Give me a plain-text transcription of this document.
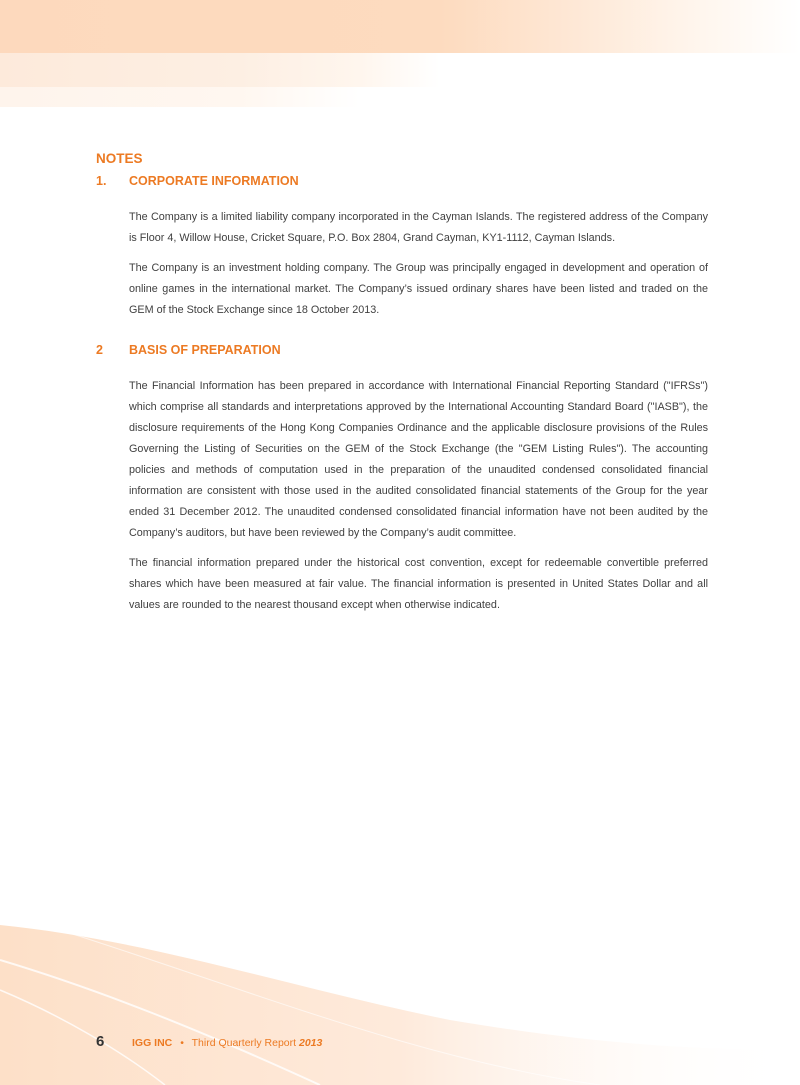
NOTES
1.	CORPORATE INFORMATION

The Company is a limited liability company incorporated in the Cayman Islands. The registered address of the Company is Floor 4, Willow House, Cricket Square, P.O. Box 2804, Grand Cayman, KY1-1112, Cayman Islands.

The Company is an investment holding company. The Group was principally engaged in development and operation of online games in the international market. The Company’s issued ordinary shares have been listed and traded on the GEM of the Stock Exchange since 18 October 2013.

2	BASIS OF PREPARATION

The Financial Information has been prepared in accordance with International Financial Reporting Standard ("IFRSs") which comprise all standards and interpretations approved by the International Accounting Standard Board ("IASB"), the disclosure requirements of the Hong Kong Companies Ordinance and the applicable disclosure provisions of the Rules Governing the Listing of Securities on the GEM of the Stock Exchange (the "GEM Listing Rules"). The accounting policies and methods of computation used in the preparation of the unaudited condensed consolidated financial information are consistent with those used in the audited consolidated financial statements of the Group for the year ended 31 December 2012. The unaudited condensed consolidated financial information have not been audited by the Company’s auditors, but have been reviewed by the Company’s audit committee.

The financial information prepared under the historical cost convention, except for redeemable convertible preferred shares which have been measured at fair value. The financial information is presented in United States Dollar and all values are rounded to the nearest thousand except when otherwise indicated.

6	IGG INC • Third Quarterly Report 2013
